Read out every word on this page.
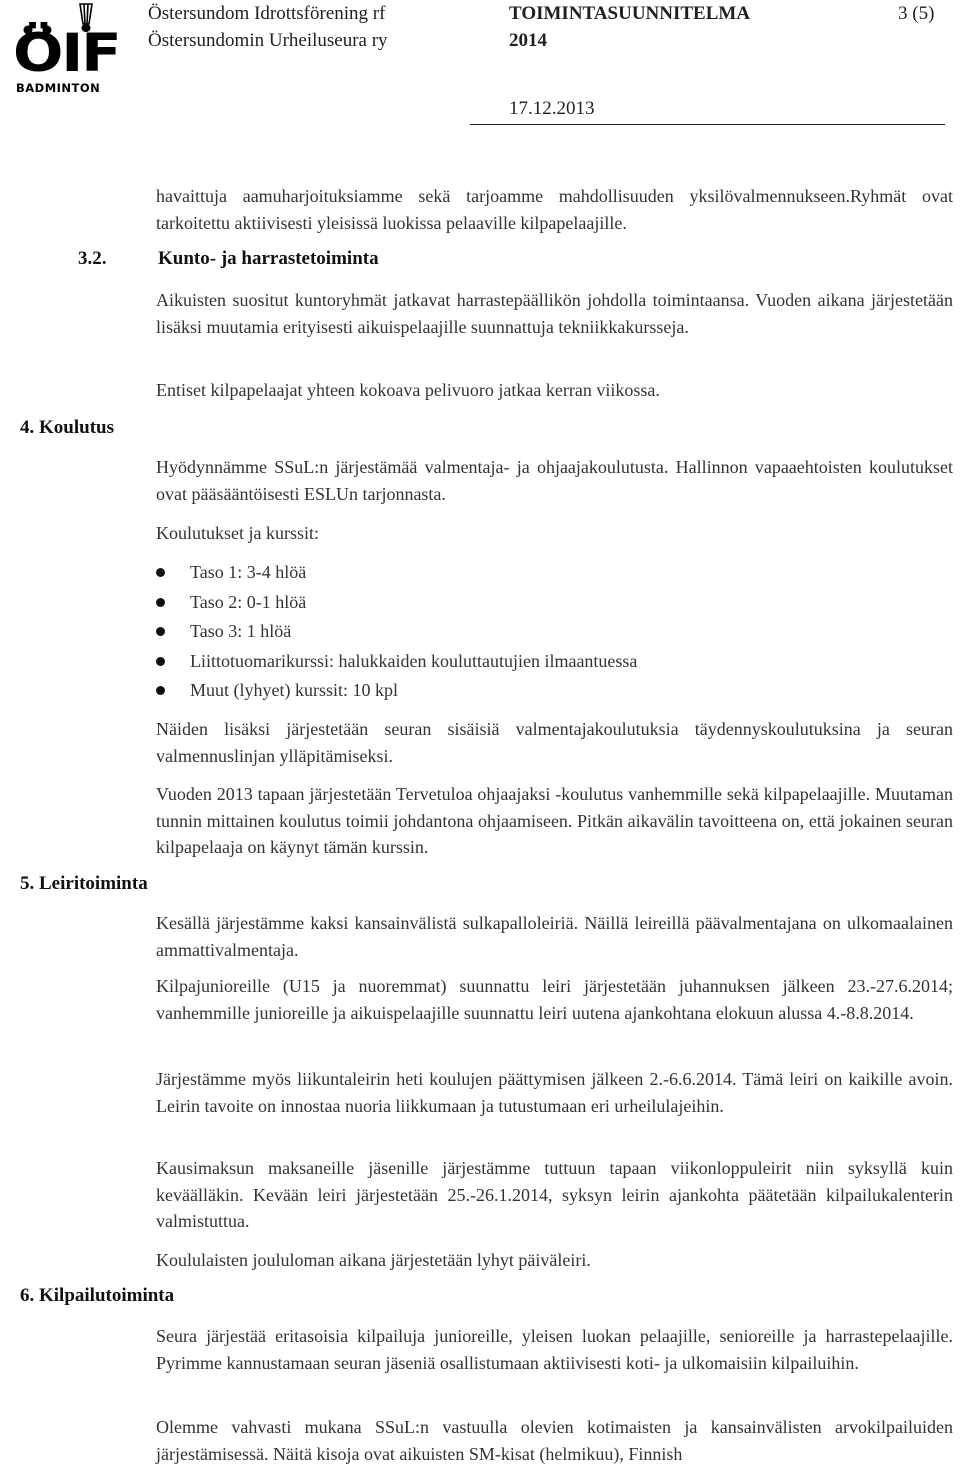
ÖIF
BADMINTON
Östersundom Idrottsförening rf
Östersundomin Urheiluseura ry
TOIMINTASUUNNITELMA
2014
3 (5)
17.12.2013
3.2.	Kunto- ja harrastetoiminta
4. Koulutus
5. Leiritoiminta
6. Kilpailutoiminta

havaittuja aamuharjoituksiamme sekä tarjoamme mahdollisuuden yksilövalmennukseen.Ryhmät ovat tarkoitettu aktiivisesti yleisissä luokissa pelaaville kilpapelaajille.

Aikuisten suositut kuntoryhmät jatkavat harrastepäällikön johdolla toimintaansa. Vuoden aikana järjestetään lisäksi muutamia erityisesti aikuispelaajille suunnattuja tekniikkakursseja.

Entiset kilpapelaajat yhteen kokoava pelivuoro jatkaa kerran viikossa.

Hyödynnämme SSuL:n järjestämää valmentaja- ja ohjaajakoulutusta. Hallinnon vapaaehtoisten koulutukset ovat pääsääntöisesti ESLUn tarjonnasta.

Koulutukset ja kurssit:

Taso 1: 3-4 hlöä
Taso 2: 0-1 hlöä
Taso 3: 1 hlöä
Liittotuomarikurssi: halukkaiden kouluttautujien ilmaantuessa
Muut (lyhyet) kurssit: 10 kpl

Näiden lisäksi järjestetään seuran sisäisiä valmentajakoulutuksia täydennyskoulutuksina ja seuran valmennuslinjan ylläpitämiseksi.

Vuoden 2013 tapaan järjestetään Tervetuloa ohjaajaksi -koulutus vanhemmille sekä kilpapelaajille. Muutaman tunnin mittainen koulutus toimii johdantona ohjaamiseen. Pitkän aikavälin tavoitteena on, että jokainen seuran kilpapelaaja on käynyt tämän kurssin.

Kesällä järjestämme kaksi kansainvälistä sulkapalloleiriä. Näillä leireillä päävalmentajana on ulkomaalainen ammattivalmentaja.

Kilpajunioreille (U15 ja nuoremmat) suunnattu leiri järjestetään juhannuksen jälkeen 23.-27.6.2014; vanhemmille junioreille ja aikuispelaajille suunnattu leiri uutena ajankohtana elokuun alussa 4.-8.8.2014.

Järjestämme myös liikuntaleirin heti koulujen päättymisen jälkeen 2.-6.6.2014. Tämä leiri on kaikille avoin. Leirin tavoite on innostaa nuoria liikkumaan ja tutustumaan eri urheilulajeihin.

Kausimaksun maksaneille jäsenille järjestämme tuttuun tapaan viikonloppuleirit niin syksyllä kuin keväälläkin. Kevään leiri järjestetään 25.-26.1.2014, syksyn leirin ajankohta päätetään kilpailukalenterin valmistuttua.

Koululaisten joululoman aikana järjestetään lyhyt päiväleiri.

Seura järjestää eritasoisia kilpailuja junioreille, yleisen luokan pelaajille, senioreille ja harrastepelaajille. Pyrimme kannustamaan seuran jäseniä osallistumaan aktiivisesti koti- ja ulkomaisiin kilpailuihin.

Olemme vahvasti mukana SSuL:n vastuulla olevien kotimaisten ja kansainvälisten arvokilpailuiden järjestämisessä. Näitä kisoja ovat aikuisten SM-kisat (helmikuu), Finnish
